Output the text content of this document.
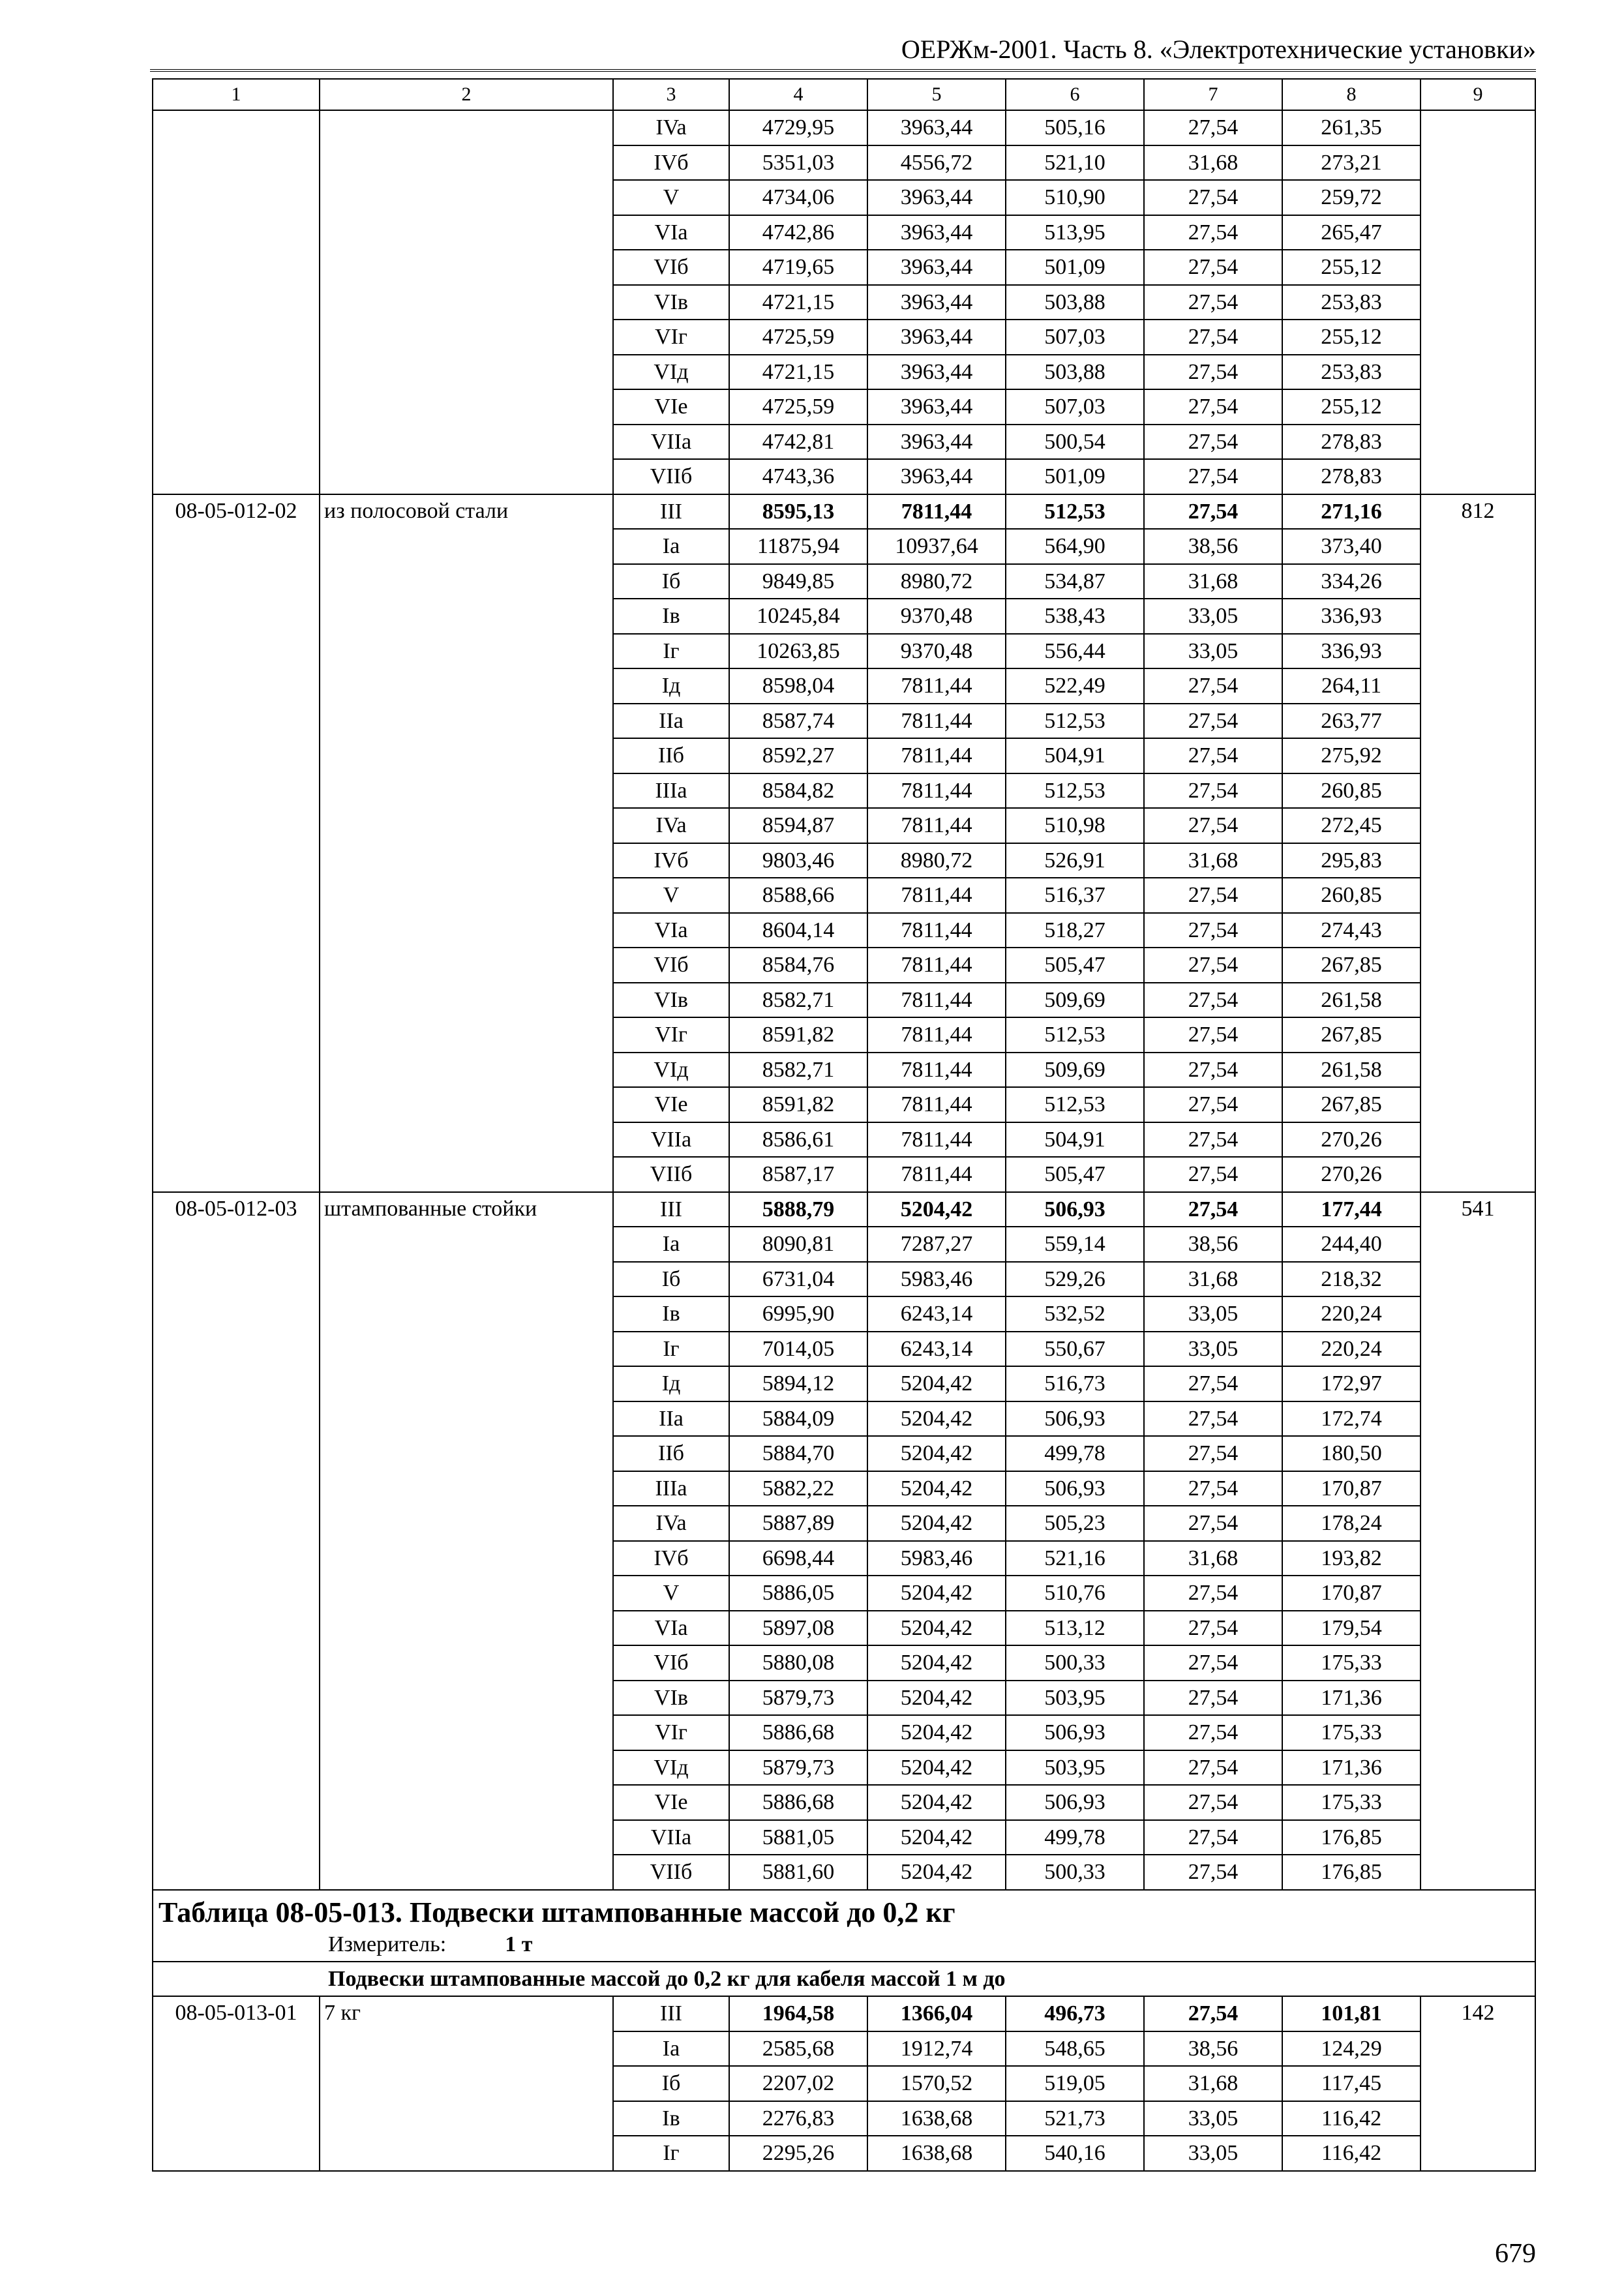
ОЕРЖм-2001. Часть 8. «Электротехнические установки»
1	2	3	4	5	6	7	8	9
		IVa	4729,95	3963,44	505,16	27,54	261,35	
		IVб	5351,03	4556,72	521,10	31,68	273,21	
		V	4734,06	3963,44	510,90	27,54	259,72	
		VIa	4742,86	3963,44	513,95	27,54	265,47	
		VIб	4719,65	3963,44	501,09	27,54	255,12	
		VIв	4721,15	3963,44	503,88	27,54	253,83	
		VIг	4725,59	3963,44	507,03	27,54	255,12	
		VIд	4721,15	3963,44	503,88	27,54	253,83	
		VIe	4725,59	3963,44	507,03	27,54	255,12	
		VIIa	4742,81	3963,44	500,54	27,54	278,83	
		VIIб	4743,36	3963,44	501,09	27,54	278,83	
08-05-012-02	из полосовой стали	III	8595,13	7811,44	512,53	27,54	271,16	812
		Ia	11875,94	10937,64	564,90	38,56	373,40	
		Iб	9849,85	8980,72	534,87	31,68	334,26	
		Iв	10245,84	9370,48	538,43	33,05	336,93	
		Iг	10263,85	9370,48	556,44	33,05	336,93	
		Iд	8598,04	7811,44	522,49	27,54	264,11	
		IIa	8587,74	7811,44	512,53	27,54	263,77	
		IIб	8592,27	7811,44	504,91	27,54	275,92	
		IIIa	8584,82	7811,44	512,53	27,54	260,85	
		IVa	8594,87	7811,44	510,98	27,54	272,45	
		IVб	9803,46	8980,72	526,91	31,68	295,83	
		V	8588,66	7811,44	516,37	27,54	260,85	
		VIa	8604,14	7811,44	518,27	27,54	274,43	
		VIб	8584,76	7811,44	505,47	27,54	267,85	
		VIв	8582,71	7811,44	509,69	27,54	261,58	
		VIг	8591,82	7811,44	512,53	27,54	267,85	
		VIд	8582,71	7811,44	509,69	27,54	261,58	
		VIe	8591,82	7811,44	512,53	27,54	267,85	
		VIIa	8586,61	7811,44	504,91	27,54	270,26	
		VIIб	8587,17	7811,44	505,47	27,54	270,26	
08-05-012-03	штампованные стойки	III	5888,79	5204,42	506,93	27,54	177,44	541
		Ia	8090,81	7287,27	559,14	38,56	244,40	
		Iб	6731,04	5983,46	529,26	31,68	218,32	
		Iв	6995,90	6243,14	532,52	33,05	220,24	
		Iг	7014,05	6243,14	550,67	33,05	220,24	
		Iд	5894,12	5204,42	516,73	27,54	172,97	
		IIa	5884,09	5204,42	506,93	27,54	172,74	
		IIб	5884,70	5204,42	499,78	27,54	180,50	
		IIIa	5882,22	5204,42	506,93	27,54	170,87	
		IVa	5887,89	5204,42	505,23	27,54	178,24	
		IVб	6698,44	5983,46	521,16	31,68	193,82	
		V	5886,05	5204,42	510,76	27,54	170,87	
		VIa	5897,08	5204,42	513,12	27,54	179,54	
		VIб	5880,08	5204,42	500,33	27,54	175,33	
		VIв	5879,73	5204,42	503,95	27,54	171,36	
		VIг	5886,68	5204,42	506,93	27,54	175,33	
		VIд	5879,73	5204,42	503,95	27,54	171,36	
		VIe	5886,68	5204,42	506,93	27,54	175,33	
		VIIa	5881,05	5204,42	499,78	27,54	176,85	
		VIIб	5881,60	5204,42	500,33	27,54	176,85	

Таблица 08-05-013. Подвески штампованные массой до 0,2 кг
Измеритель: 1 т								

Подвески штампованные массой до 0,2 кг для кабеля массой 1 м до								
08-05-013-01	7 кг	III	1964,58	1366,04	496,73	27,54	101,81	142
		Ia	2585,68	1912,74	548,65	38,56	124,29	
		Iб	2207,02	1570,52	519,05	31,68	117,45	
		Iв	2276,83	1638,68	521,73	33,05	116,42	
		Iг	2295,26	1638,68	540,16	33,05	116,42	
679
